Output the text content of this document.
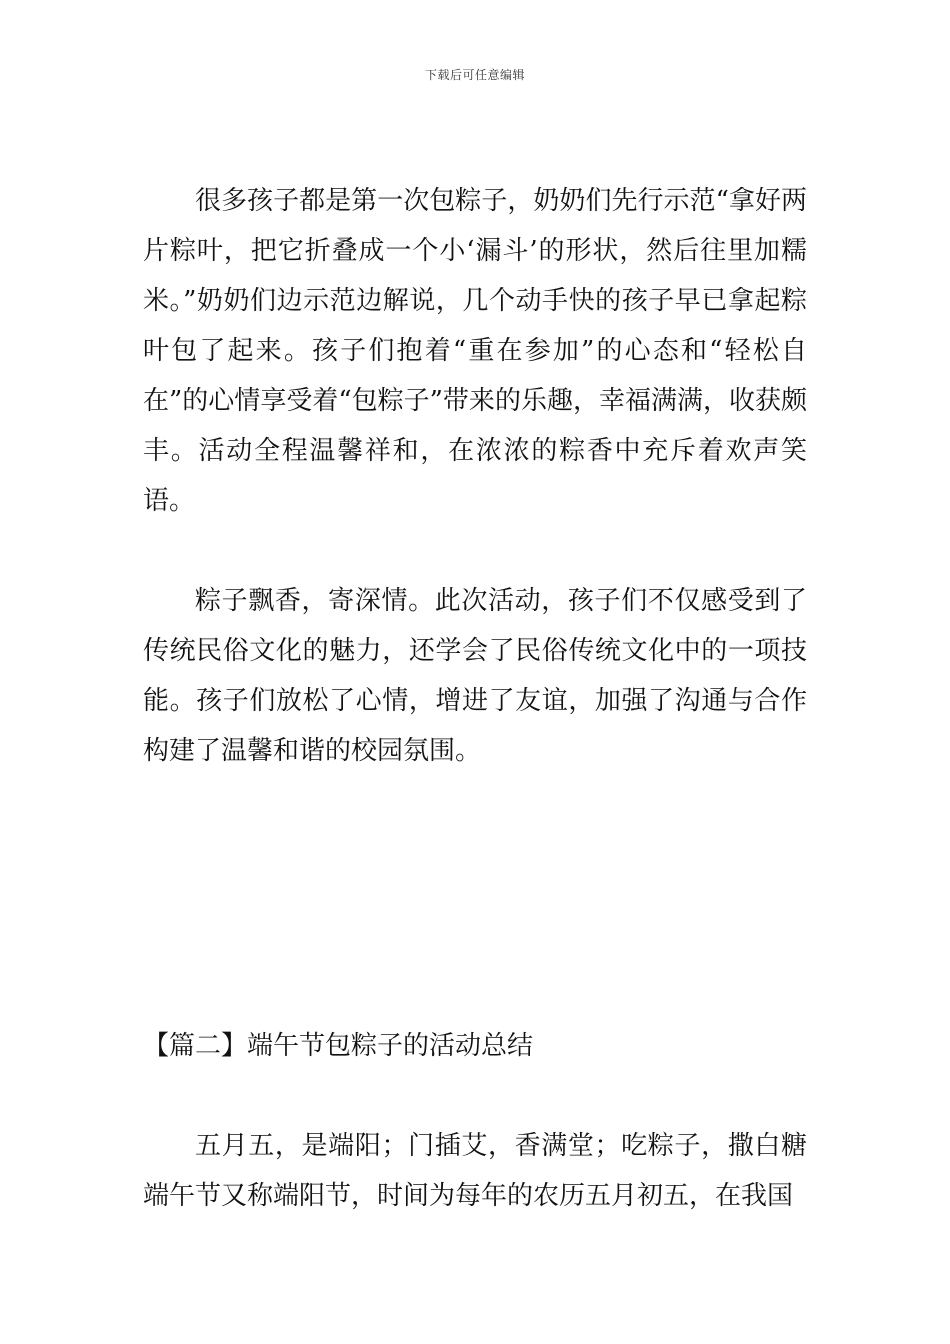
下载后可任意编辑

很多孩子都是第一次包粽子，奶奶们先行示范“拿好两片粽叶，把它折叠成一个小‘漏斗’的形状，然后往里加糯米。”奶奶们边示范边解说，几个动手快的孩子早已拿起粽叶包了起来。孩子们抱着“重在参加”的心态和“轻松自在”的心情享受着“包粽子”带来的乐趣，幸福满满，收获颇丰。活动全程温馨祥和，在浓浓的粽香中充斥着欢声笑语。

粽子飘香，寄深情。此次活动，孩子们不仅感受到了传统民俗文化的魅力，还学会了民俗传统文化中的一项技能。孩子们放松了心情，增进了友谊，加强了沟通与合作构建了温馨和谐的校园氛围。

【篇二】端午节包粽子的活动总结

五月五，是端阳；门插艾，香满堂；吃粽子，撒白糖端午节又称端阳节，时间为每年的农历五月初五，在我国
